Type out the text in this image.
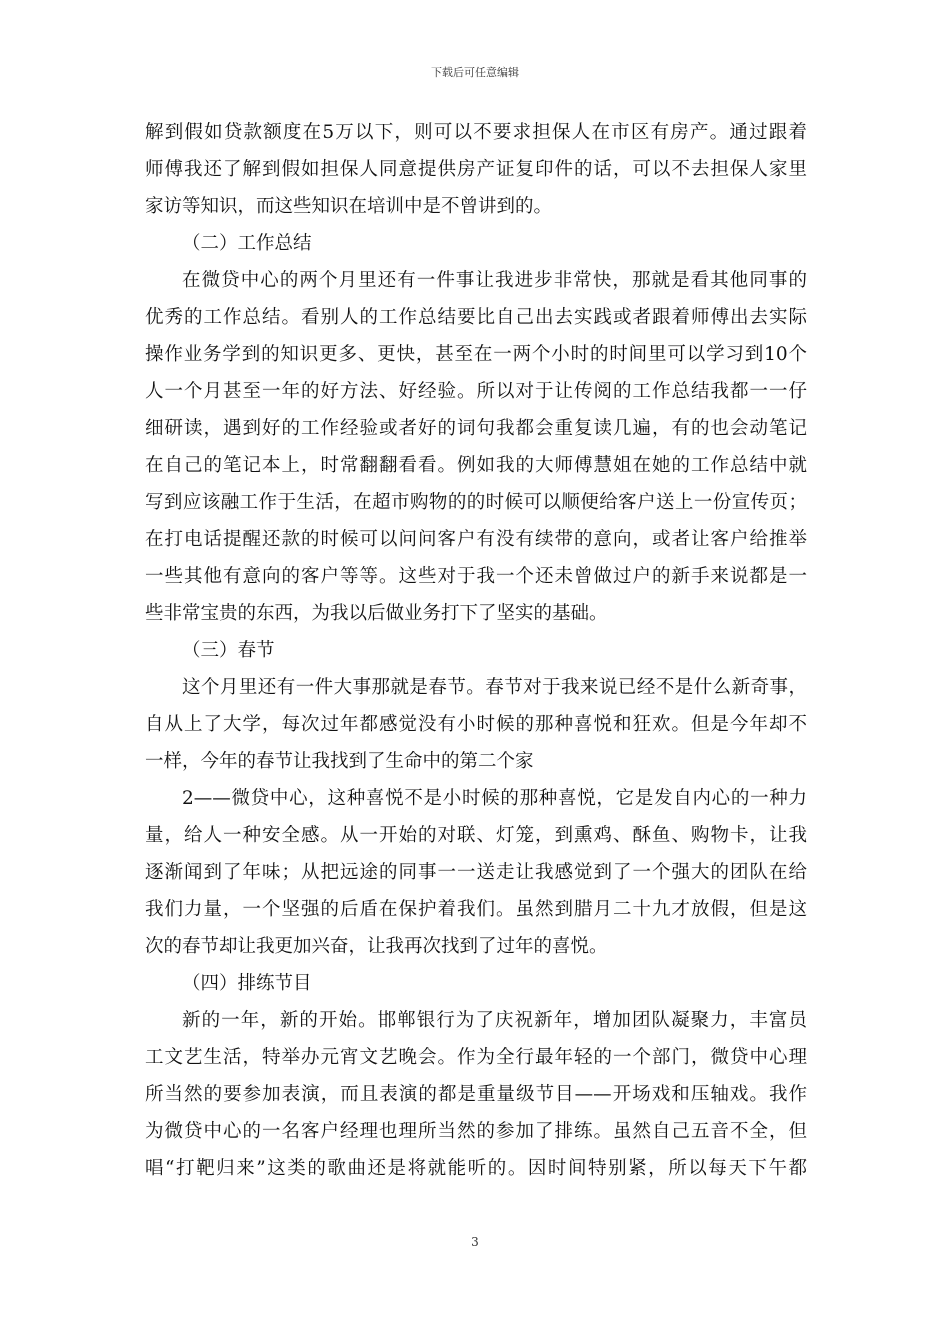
下载后可任意编辑
解到假如贷款额度在5万以下，则可以不要求担保人在市区有房产。通过跟着
师傅我还了解到假如担保人同意提供房产证复印件的话，可以不去担保人家里
家访等知识，而这些知识在培训中是不曾讲到的。
（二）工作总结
在微贷中心的两个月里还有一件事让我进步非常快，那就是看其他同事的
优秀的工作总结。看别人的工作总结要比自己出去实践或者跟着师傅出去实际
操作业务学到的知识更多、更快，甚至在一两个小时的时间里可以学习到10个
人一个月甚至一年的好方法、好经验。所以对于让传阅的工作总结我都一一仔
细研读，遇到好的工作经验或者好的词句我都会重复读几遍，有的也会动笔记
在自己的笔记本上，时常翻翻看看。例如我的大师傅慧姐在她的工作总结中就
写到应该融工作于生活，在超市购物的的时候可以顺便给客户送上一份宣传页；
在打电话提醒还款的时候可以问问客户有没有续带的意向，或者让客户给推举
一些其他有意向的客户等等。这些对于我一个还未曾做过户的新手来说都是一
些非常宝贵的东西，为我以后做业务打下了坚实的基础。
（三）春节
这个月里还有一件大事那就是春节。春节对于我来说已经不是什么新奇事，
自从上了大学，每次过年都感觉没有小时候的那种喜悦和狂欢。但是今年却不
一样，今年的春节让我找到了生命中的第二个家
2——微贷中心，这种喜悦不是小时候的那种喜悦，它是发自内心的一种力
量，给人一种安全感。从一开始的对联、灯笼，到熏鸡、酥鱼、购物卡，让我
逐渐闻到了年味；从把远途的同事一一送走让我感觉到了一个强大的团队在给
我们力量，一个坚强的后盾在保护着我们。虽然到腊月二十九才放假，但是这
次的春节却让我更加兴奋，让我再次找到了过年的喜悦。
（四）排练节目
新的一年，新的开始。邯郸银行为了庆祝新年，增加团队凝聚力，丰富员
工文艺生活，特举办元宵文艺晚会。作为全行最年轻的一个部门，微贷中心理
所当然的要参加表演，而且表演的都是重量级节目——开场戏和压轴戏。我作
为微贷中心的一名客户经理也理所当然的参加了排练。虽然自己五音不全，但
唱“打靶归来”这类的歌曲还是将就能听的。因时间特别紧，所以每天下午都
3
